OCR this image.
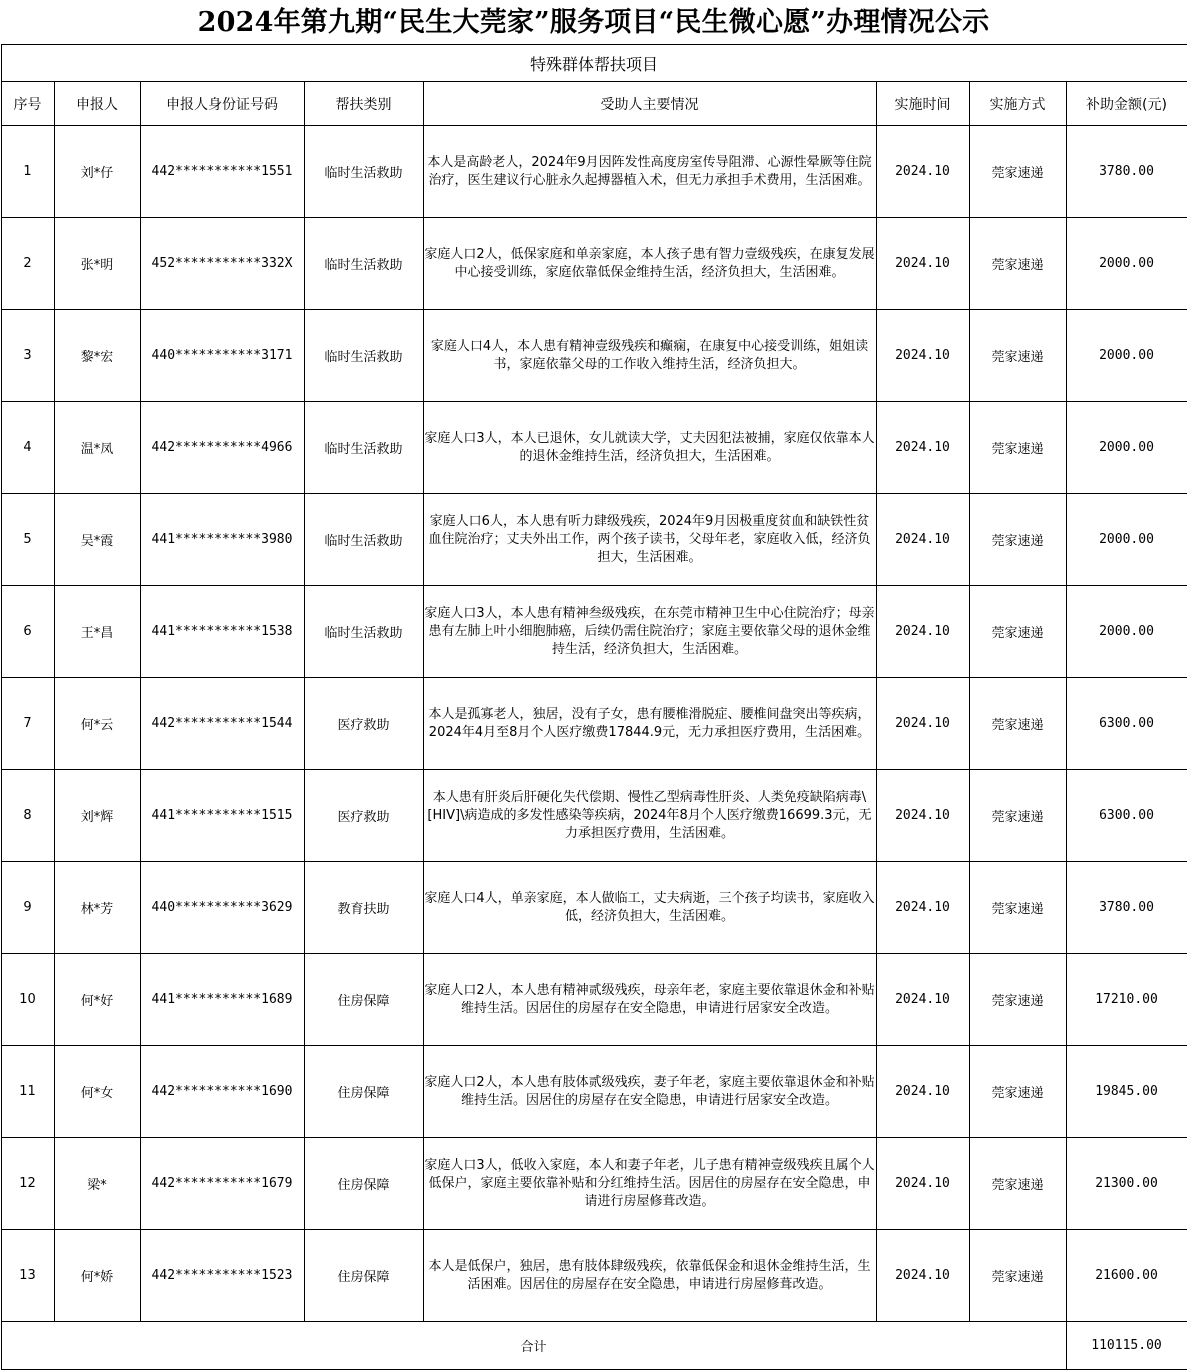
2024年第九期“民生大莞家”服务项目“民生微心愿”办理情况公示
特殊群体帮扶项目							
序号	申报人	申报人身份证号码	帮扶类别	受助人主要情况	实施时间	实施方式	补助金额(元)
1	刘*仔	442***********1551	临时生活救助	本人是高龄老人，2024年9月因阵发性高度房室传导阻滞、心源性晕厥等住院治疗，医生建议行心脏永久起搏器植入术，但无力承担手术费用，生活困难。	2024.10	莞家速递	3780.00
2	张*明	452***********332X	临时生活救助	家庭人口2人，低保家庭和单亲家庭，本人孩子患有智力壹级残疾，在康复发展中心接受训练，家庭依靠低保金维持生活，经济负担大，生活困难。	2024.10	莞家速递	2000.00
3	黎*宏	440***********3171	临时生活救助	家庭人口4人，本人患有精神壹级残疾和癫痫，在康复中心接受训练，姐姐读书，家庭依靠父母的工作收入维持生活，经济负担大。	2024.10	莞家速递	2000.00
4	温*凤	442***********4966	临时生活救助	家庭人口3人，本人已退休，女儿就读大学，丈夫因犯法被捕，家庭仅依靠本人的退休金维持生活，经济负担大，生活困难。	2024.10	莞家速递	2000.00
5	吴*霞	441***********3980	临时生活救助	家庭人口6人，本人患有听力肆级残疾，2024年9月因极重度贫血和缺铁性贫血住院治疗；丈夫外出工作，两个孩子读书，父母年老，家庭收入低，经济负担大，生活困难。	2024.10	莞家速递	2000.00
6	王*昌	441***********1538	临时生活救助	家庭人口3人，本人患有精神叁级残疾，在东莞市精神卫生中心住院治疗；母亲患有左肺上叶小细胞肺癌，后续仍需住院治疗；家庭主要依靠父母的退休金维持生活，经济负担大，生活困难。	2024.10	莞家速递	2000.00
7	何*云	442***********1544	医疗救助	本人是孤寡老人，独居，没有子女，患有腰椎滑脱症、腰椎间盘突出等疾病，2024年4月至8月个人医疗缴费17844.9元，无力承担医疗费用，生活困难。	2024.10	莞家速递	6300.00
8	刘*辉	441***********1515	医疗救助	本人患有肝炎后肝硬化失代偿期、慢性乙型病毒性肝炎、人类免疫缺陷病毒\[HIV]\病造成的多发性感染等疾病，2024年8月个人医疗缴费16699.3元，无力承担医疗费用，生活困难。	2024.10	莞家速递	6300.00
9	林*芳	440***********3629	教育扶助	家庭人口4人，单亲家庭，本人做临工，丈夫病逝，三个孩子均读书，家庭收入低，经济负担大，生活困难。	2024.10	莞家速递	3780.00
10	何*好	441***********1689	住房保障	家庭人口2人，本人患有精神贰级残疾，母亲年老，家庭主要依靠退休金和补贴维持生活。因居住的房屋存在安全隐患，申请进行居家安全改造。	2024.10	莞家速递	17210.00
11	何*女	442***********1690	住房保障	家庭人口2人，本人患有肢体贰级残疾，妻子年老，家庭主要依靠退休金和补贴维持生活。因居住的房屋存在安全隐患，申请进行居家安全改造。	2024.10	莞家速递	19845.00
12	梁*	442***********1679	住房保障	家庭人口3人，低收入家庭，本人和妻子年老，儿子患有精神壹级残疾且属个人低保户，家庭主要依靠补贴和分红维持生活。因居住的房屋存在安全隐患，申请进行房屋修葺改造。	2024.10	莞家速递	21300.00
13	何*娇	442***********1523	住房保障	本人是低保户，独居，患有肢体肆级残疾，依靠低保金和退休金维持生活，生活困难。因居住的房屋存在安全隐患，申请进行房屋修葺改造。	2024.10	莞家速递	21600.00
合计							110115.00
